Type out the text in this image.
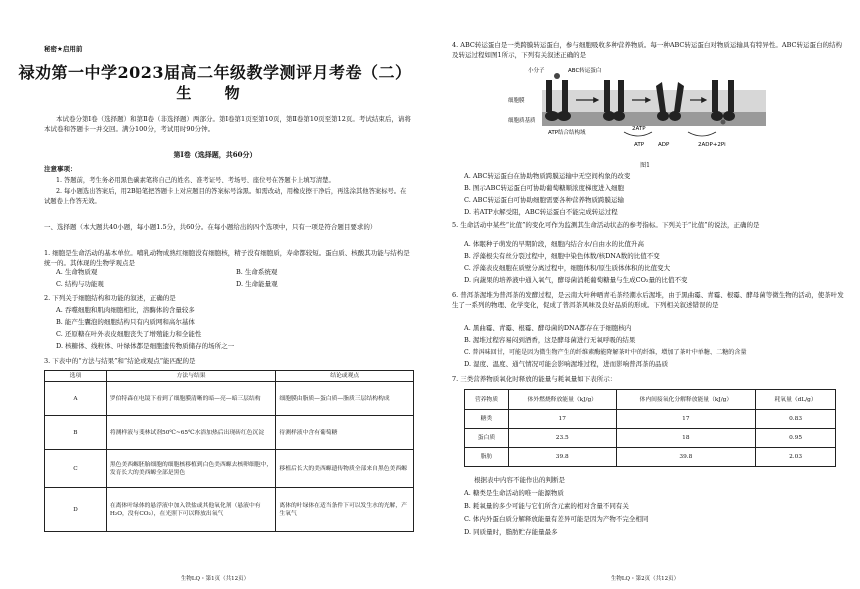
秘密★启用前
禄劝第一中学2023届高二年级教学测评月考卷（二）
生 物
本试卷分第Ⅰ卷（选择题）和第Ⅱ卷（非选择题）两部分。第Ⅰ卷第1页至第10页，第Ⅱ卷第10页至第12页。考试结束后，请将本试卷和答题卡一并交回。满分100分，考试用时90分钟。
第Ⅰ卷（选择题，共60分）
注意事项：
1. 答题前，考生务必用黑色碳素笔将自己的姓名、准考证号、考场号、座位号在答题卡上填写清楚。
2. 每小题选出答案后，用2B铅笔把答题卡上对应题目的答案标号涂黑。如需改动，用橡皮擦干净后，再选涂其他答案标号。在试题卷上作答无效。
一、选择题（本大题共40小题，每小题1.5分，共60分。在每小题给出的四个选项中，只有一项是符合题目要求的）
1. 细胞是生命活动的基本单位。哺乳动物成熟红细胞没有细胞核，精子没有细胞质，寿命都较短。蛋白质、核酸其功能与结构是统一的。其体现的生物学观点是
A. 生命物质观	B. 生命系统观
C. 结构与功能观	D. 生命能量观
2. 下列关于细胞结构和功能的叙述，正确的是
A. 吞噬细胞和肌肉细胞相比，溶酶体的含量较多
B. 能产生囊泡的细胞结构只有内质网和高尔基体
C. 还原糖在叶外表皮细胞丧失了增殖能力和全能性
D. 核糖体、线粒体、叶绿体都是细胞遗传物质储存的场所之一
3. 下表中的“方法与结果”和“结论或观点”能匹配的是
选项	方法与结果	结论或观点
A	罗伯特森在电镜下看到了细胞膜清晰的暗—亮—暗三层结构	细胞膜由脂质—蛋白质—脂质三层结构构成
B	将测样液与斐林试剂50℃~65℃水浴加热后出现砖红色沉淀	待测样液中含有葡萄糖
C	黑色美西螈胚胎细胞的细胞核移植到白色美西螈去核卵细胞中，发育长大的美西螈全部是黑色	移植后长大的美西螈遗传物质全部来自黑色美西螈
D	在离体叶绿体的悬浮液中加入铁盐或其他氧化剂（悬液中有H₂O，没有CO₂），在光照下可以释放出氧气	离体的叶绿体在适当条件下可以发生水的光解，产生氧气
生物LQ・第1页（共12页）
4. ABC转运蛋白是一类跨膜转运蛋白，参与细胞吸收多种营养物质。每一种ABC转运蛋白对物质运输具有特异性。ABC转运蛋白的结构及转运过程如图1所示，下列有关叙述正确的是
小分子	ABC转运蛋白
细胞膜
细胞质基质
ATP结合结构域
2ATP
ATP	ADP	2ADP+2Pi
图1
A. ABC转运蛋白在协助物质跨膜运输中无空间构象的改变
B. 图示ABC转运蛋白可协助葡萄糖顺浓度梯度进入细胞
C. ABC转运蛋白可协助细胞需要各种营养物质跨膜运输
D. 若ATP水解受阻，ABC转运蛋白不能完成转运过程
5. 生命活动中某些“比值”的变化可作为监测其生命活动状态的参考指标。下列关于“比值”的说法，正确的是
A. 体眠种子萌发的早期阶段，细胞内结合水/自由水的比值升高
B. 浮藻根尖有丝分裂过程中，细胞中染色体数/核DNA数的比值不变
C. 浮藻表皮细胞在质壁分离过程中，细胞体积/原生质体体积的比值变大
D. 向蔬果的培养液中通入氧气，酵母菌消耗葡萄糖量与生成CO₂量的比值不变
6. 普洱茶渥堆为普洱茶的发酵过程，是云南大叶种晒青毛茶经潮水后渥堆，由于黑曲霉、青霉、根霉、酵母菌等微生物的活动，使茶叶发生了一系列的物理、化学变化，促成了普洱茶风味及良好品质的形成。下列相关叙述错误的是
A. 黑曲霉、青霉、根霉、酵母菌的DNA都存在于细胞核内
B. 渥堆过程容易闷到酒香，这是酵母菌进行无氧呼吸的结果
C. 普洱味回甘，可能是因为微生物产生的纤维素酶能降解茶叶中的纤维，增加了茶叶中单糖、二糖的含量
D. 湿度、温度、通气情况可能会影响渥堆过程，进而影响普洱茶的品质
7. 三类营养物质氧化时释放的能量与耗氧量如下表所示：
营养物质	体外燃烧释放能量（kJ/g）	体内间接氧化分解释放能量（kJ/g）	耗氧量（dL/g）
糖类	17	17	0.83
蛋白质	23.5	18	0.95
脂肪	39.8	39.8	2.03
根据表中内容不能作出的判断是
A. 糖类是生命活动的唯一能源物质
B. 耗氧量的多少可能与它们所含元素的相对含量不同有关
C. 体内外蛋白质分解释放能量有差异可能是因为产物不完全相同
D. 同质量时，脂肪贮存能量最多
生物LQ・第2页（共12页）
